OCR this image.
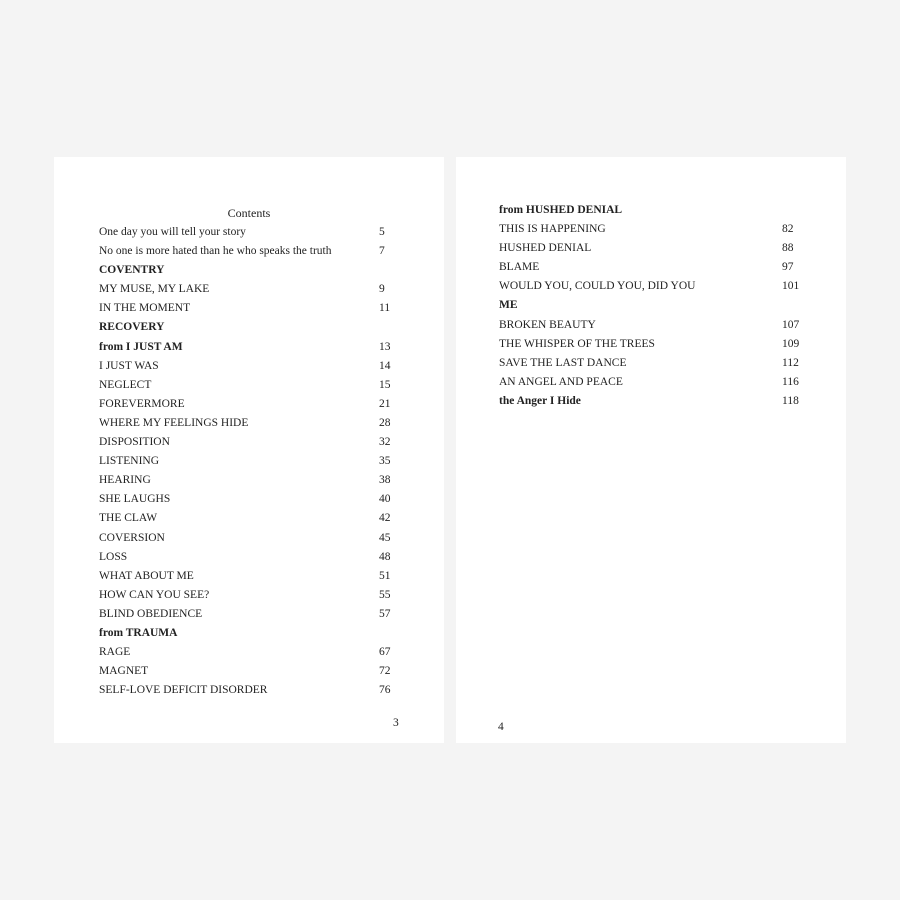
Contents
One day you will tell your story	5
No one is more hated than he who speaks the truth	7
COVENTRY
MY MUSE, MY LAKE	9
IN THE MOMENT	11
RECOVERY
from I JUST AM	13
I JUST WAS	14
NEGLECT	15
FOREVERMORE	21
WHERE MY FEELINGS HIDE	28
DISPOSITION	32
LISTENING	35
HEARING	38
SHE LAUGHS	40
THE CLAW	42
COVERSION	45
LOSS	48
WHAT ABOUT ME	51
HOW CAN YOU SEE?	55
BLIND OBEDIENCE	57
from TRAUMA
RAGE	67
MAGNET	72
SELF-LOVE DEFICIT DISORDER	76
3
from HUSHED DENIAL
THIS IS HAPPENING	82
HUSHED DENIAL	88
BLAME	97
WOULD YOU, COULD YOU, DID YOU	101
ME
BROKEN BEAUTY	107
THE WHISPER OF THE TREES	109
SAVE THE LAST DANCE	112
AN ANGEL AND PEACE	116
the Anger I Hide	118
4
